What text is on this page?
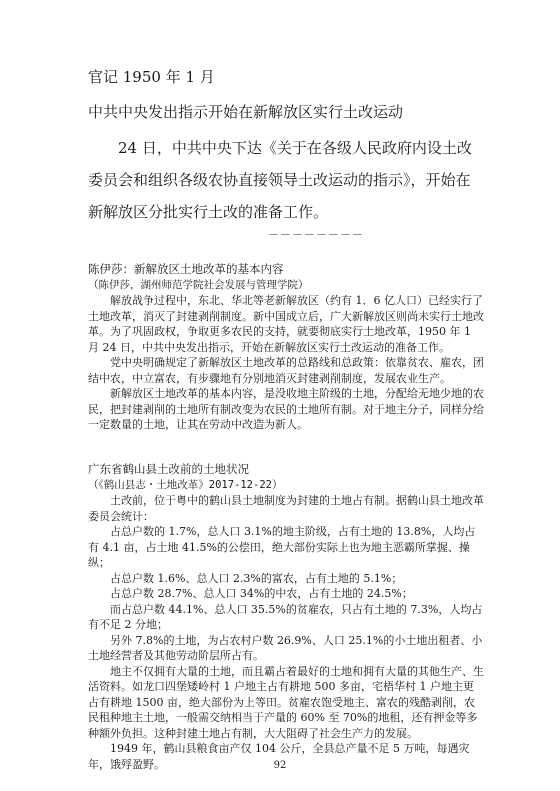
官记 1950 年 1 月
中共中央发出指示开始在新解放区实行土改运动

24 日，中共中央下达《关于在各级人民政府内设土改委员会和组织各级农协直接领导土改运动的指示》，开始在新解放区分批实行土改的准备工作。

－－－－－－－－
陈伊莎：新解放区土地改革的基本内容
（陈伊莎，湖州师范学院社会发展与管理学院）

解放战争过程中，东北、华北等老新解放区（约有 1．6 亿人口）已经实行了土地改革，消灭了封建剥削制度。新中国成立后，广大新解放区则尚未实行土地改革。为了巩固政权，争取更多农民的支持，就要彻底实行土地改革，1950 年 1 月 24 日，中共中央发出指示，开始在新解放区实行土改运动的准备工作。

党中央明确规定了新解放区土地改革的总路线和总政策：依靠贫农、雇农，团结中农，中立富农，有步骤地有分别地消灭封建剥削制度，发展农业生产。

新解放区土地改革的基本内容，是没收地主阶级的土地，分配给无地少地的农民，把封建剥削的土地所有制改变为农民的土地所有制。对于地主分子，同样分给一定数量的土地，让其在劳动中改造为新人。

广东省鹤山县土改前的土地状况
（《鹤山县志・土地改革》2017-12-22）

土改前，位于粤中的鹤山县土地制度为封建的土地占有制。据鹤山县土地改革委员会统计：

占总户数的 1.7%，总人口 3.1%的地主阶级，占有土地的 13.8%，人均占有 4.1 亩，占土地 41.5%的公偿田，绝大部份实际上也为地主恶霸所掌握、操纵；

占总户数 1.6%、总人口 2.3%的富农，占有土地的 5.1%；

占总户数 28.7%、总人口 34%的中农，占有土地的 24.5%；

而占总户数 44.1%、总人口 35.5%的贫雇农，只占有土地的 7.3%，人均占有不足 2 分地；

另外 7.8%的土地，为占农村户数 26.9%、人口 25.1%的小土地出租者、小土地经营者及其他劳动阶层所占有。

地主不仅拥有大量的土地，而且霸占着最好的土地和拥有大量的其他生产、生活资料。如龙口四堡矮岭村 1 户地主占有耕地 500 多亩，宅梧华村 1 户地主更占有耕地 1500 亩，绝大部份为上等田。贫雇农饱受地主、富农的残酷剥削，农民租种地主土地，一般需交纳相当于产量的 60% 至 70%的地租，还有押金等多种额外负担。这种封建土地占有制，大大阻碍了社会生产力的发展。

1949 年，鹤山县粮食亩产仅 104 公斤，全县总产量不足 5 万吨，每遇灾年，饿殍盈野。	92
